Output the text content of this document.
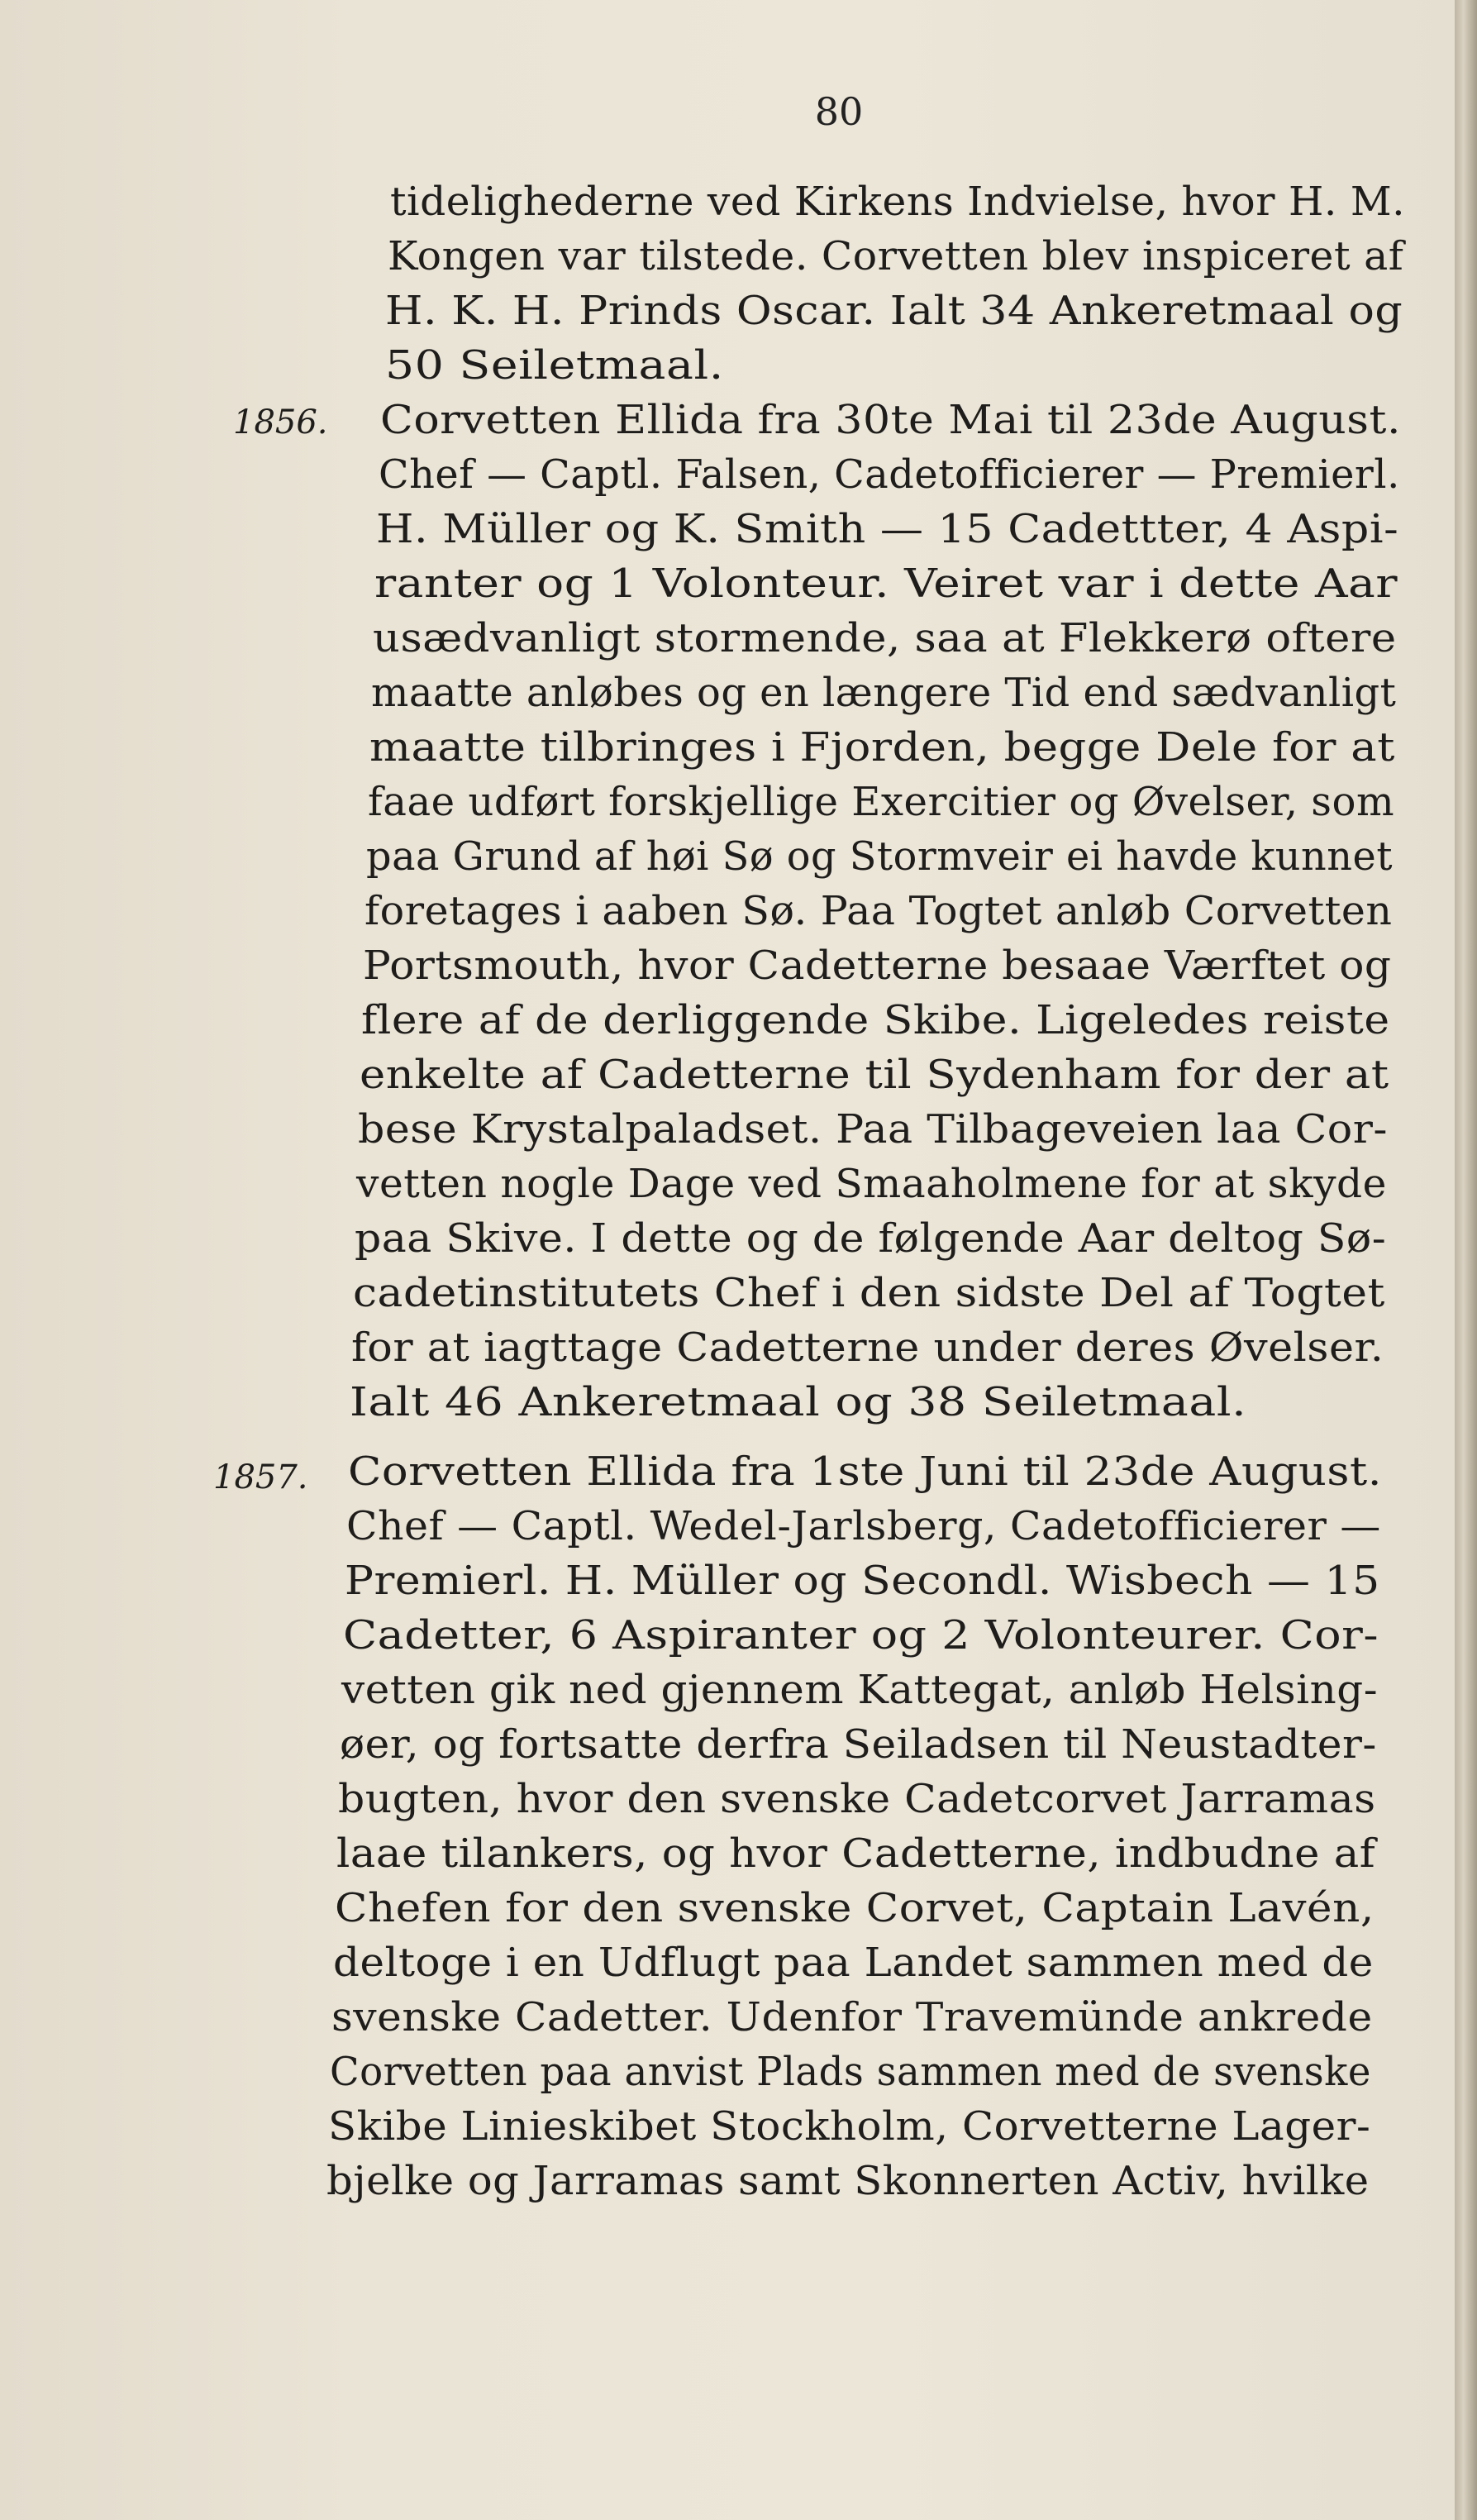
80

1856.

1857.

tidelighederne ved Kirkens Indvielse, hvor H. M.

Kongen var tilstede. Corvetten blev inspiceret af

H. K. H. Prinds Oscar. Ialt 34 Ankeretmaal og

50 Seiletmaal.

Corvetten Ellida fra 30te Mai til 23de August.

Chef — Captl. Falsen, Cadetofficierer — Premierl.

H. Müller og K. Smith — 15 Cadettter, 4 Aspi-

ranter og 1 Volonteur. Veiret var i dette Aar

usædvanligt stormende, saa at Flekkerø oftere

maatte anløbes og en længere Tid end sædvanligt

maatte tilbringes i Fjorden, begge Dele for at

faae udført forskjellige Exercitier og Øvelser, som

paa Grund af høi Sø og Stormveir ei havde kunnet

foretages i aaben Sø. Paa Togtet anløb Corvetten

Portsmouth, hvor Cadetterne besaae Værftet og

flere af de derliggende Skibe. Ligeledes reiste

enkelte af Cadetterne til Sydenham for der at

bese Krystalpaladset. Paa Tilbageveien laa Cor-

vetten nogle Dage ved Smaaholmene for at skyde

paa Skive. I dette og de følgende Aar deltog Sø-

cadetinstitutets Chef i den sidste Del af Togtet

for at iagttage Cadetterne under deres Øvelser.

Ialt 46 Ankeretmaal og 38 Seiletmaal.

Corvetten Ellida fra 1ste Juni til 23de August.

Chef — Captl. Wedel-Jarlsberg, Cadetofficierer —

Premierl. H. Müller og Secondl. Wisbech — 15

Cadetter, 6 Aspiranter og 2 Volonteurer. Cor-

vetten gik ned gjennem Kattegat, anløb Helsing-

øer, og fortsatte derfra Seiladsen til Neustadter-

bugten, hvor den svenske Cadetcorvet Jarramas

laae tilankers, og hvor Cadetterne, indbudne af

Chefen for den svenske Corvet, Captain Lavén,

deltoge i en Udflugt paa Landet sammen med de

svenske Cadetter. Udenfor Travemünde ankrede

Corvetten paa anvist Plads sammen med de svenske

Skibe Linieskibet Stockholm, Corvetterne Lager-

bjelke og Jarramas samt Skonnerten Activ, hvilke
